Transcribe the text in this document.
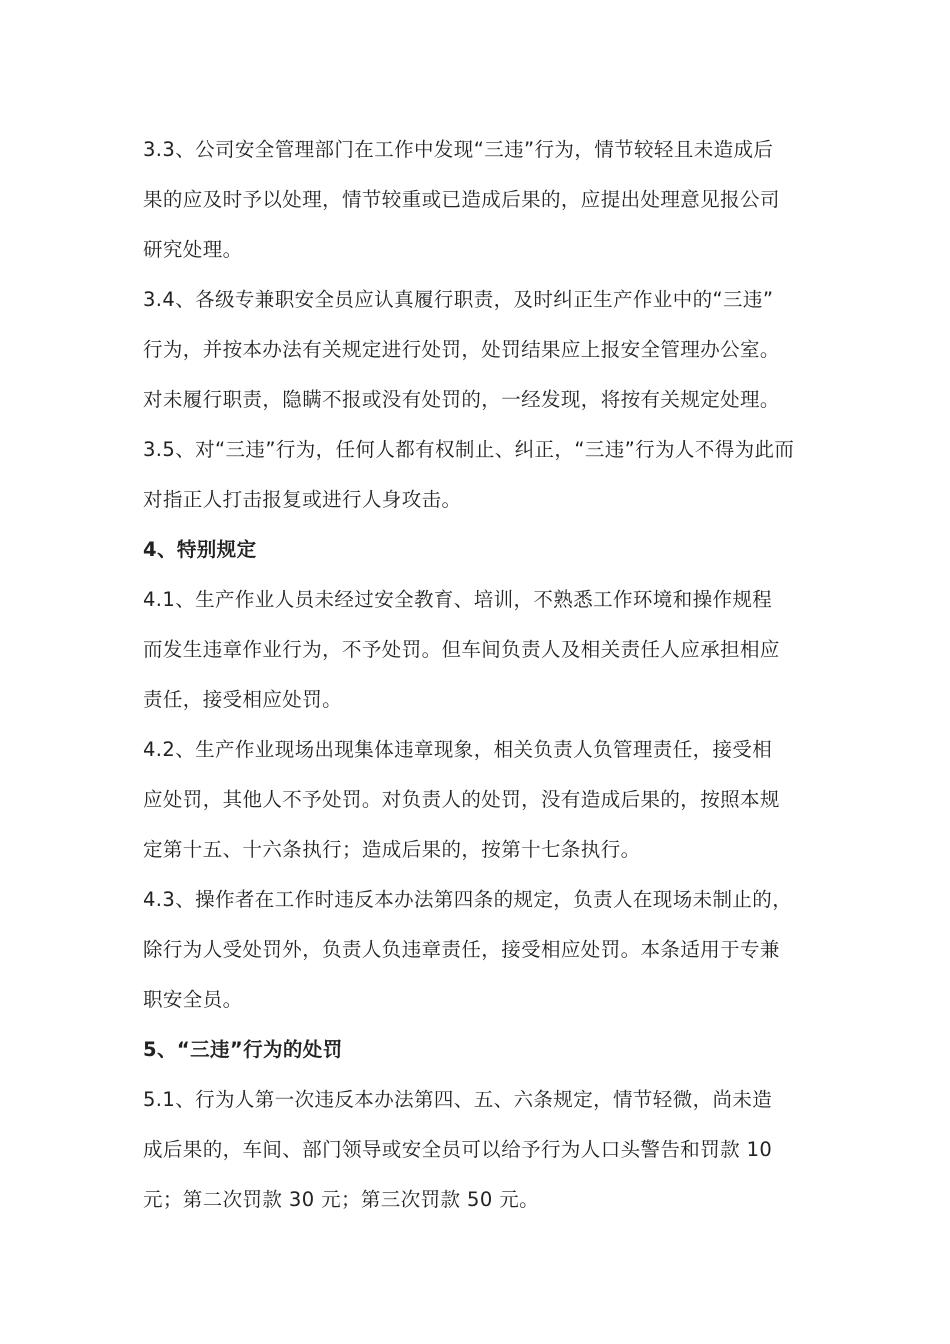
3.3、公司安全管理部门在工作中发现“三违”行为，情节较轻且未造成后
果的应及时予以处理，情节较重或已造成后果的，应提出处理意见报公司
研究处理。
3.4、各级专兼职安全员应认真履行职责，及时纠正生产作业中的“三违”
行为，并按本办法有关规定进行处罚，处罚结果应上报安全管理办公室。
对未履行职责，隐瞒不报或没有处罚的，一经发现，将按有关规定处理。
3.5、对“三违”行为，任何人都有权制止、纠正，“三违”行为人不得为此而
对指正人打击报复或进行人身攻击。
4、特别规定
4.1、生产作业人员未经过安全教育、培训，不熟悉工作环境和操作规程
而发生违章作业行为，不予处罚。但车间负责人及相关责任人应承担相应
责任，接受相应处罚。
4.2、生产作业现场出现集体违章现象，相关负责人负管理责任，接受相
应处罚，其他人不予处罚。对负责人的处罚，没有造成后果的，按照本规
定第十五、十六条执行；造成后果的，按第十七条执行。
4.3、操作者在工作时违反本办法第四条的规定，负责人在现场未制止的，
除行为人受处罚外，负责人负违章责任，接受相应处罚。本条适用于专兼
职安全员。
5、“三违”行为的处罚
5.1、行为人第一次违反本办法第四、五、六条规定，情节轻微，尚未造
成后果的，车间、部门领导或安全员可以给予行为人口头警告和罚款 10
元；第二次罚款 30 元；第三次罚款 50 元。
